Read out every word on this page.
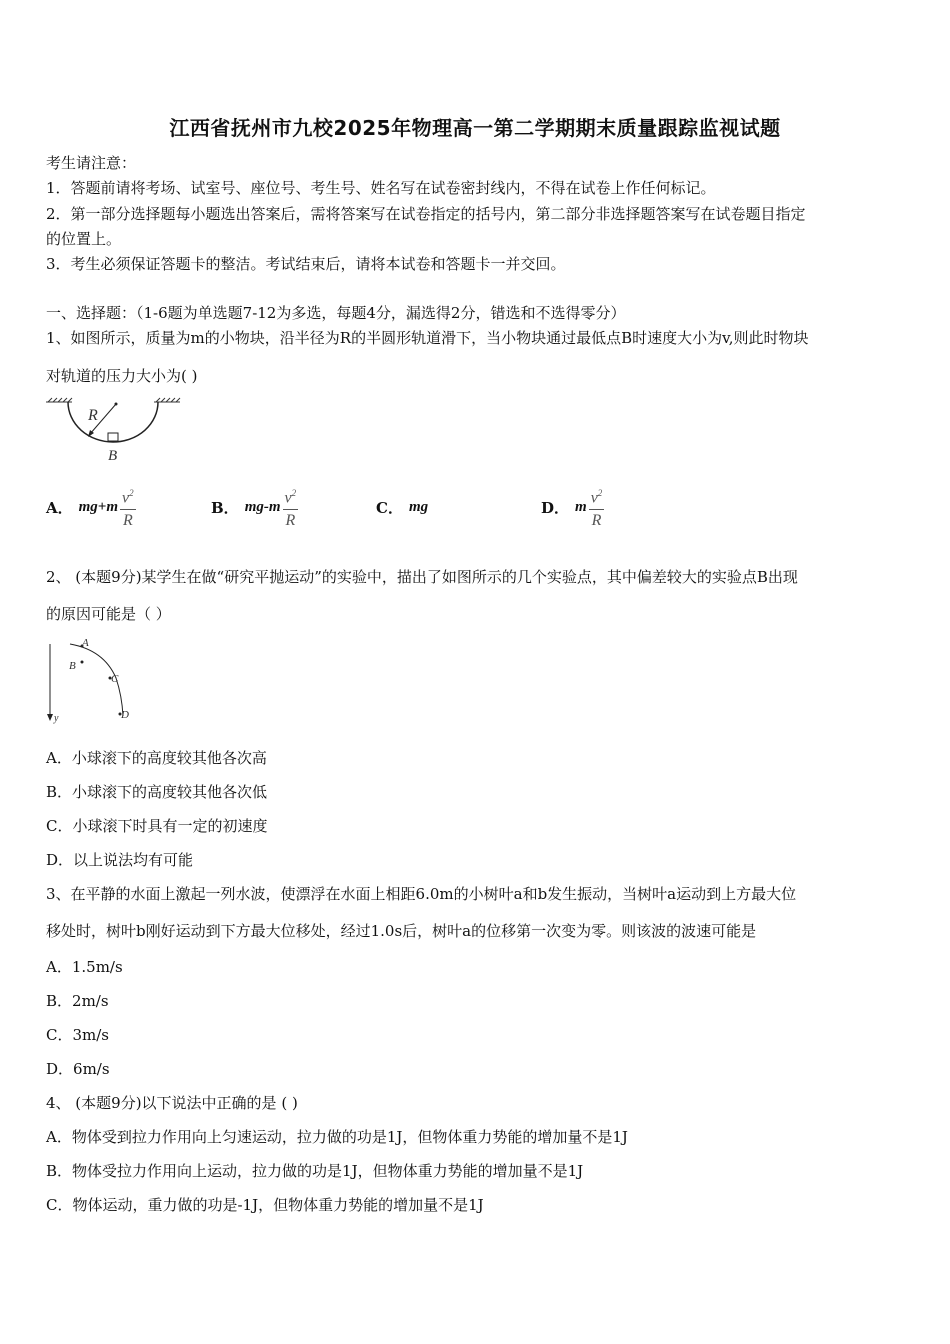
江西省抚州市九校2025年物理高一第二学期期末质量跟踪监视试题
考生请注意：
1．答题前请将考场、试室号、座位号、考生号、姓名写在试卷密封线内，不得在试卷上作任何标记。
2．第一部分选择题每小题选出答案后，需将答案写在试卷指定的括号内，第二部分非选择题答案写在试卷题目指定
的位置上。
3．考生必须保证答题卡的整洁。考试结束后，请将本试卷和答题卡一并交回。
一、选择题：（1-6题为单选题7-12为多选，每题4分，漏选得2分，错选和不选得零分）
1、如图所示，质量为m的小物块，沿半径为R的半圆形轨道滑下，当小物块通过最低点B时速度大小为v,则此时物块
对轨道的压力大小为( )
R
B
A． $mg+m \frac{v^2}{R}$	B． $mg-m \frac{v^2}{R}$	C． mg	D． m $\frac{v^2}{R}$
2、 (本题9分)某学生在做“研究平抛运动”的实验中，描出了如图所示的几个实验点，其中偏差较大的实验点B出现
的原因可能是（ ）
y
A
B
C
D
A．小球滚下的高度较其他各次高
B．小球滚下的高度较其他各次低
C．小球滚下时具有一定的初速度
D．以上说法均有可能
3、在平静的水面上激起一列水波，使漂浮在水面上相距6.0m的小树叶a和b发生振动，当树叶a运动到上方最大位
移处时，树叶b刚好运动到下方最大位移处，经过1.0s后，树叶a的位移第一次变为零。则该波的波速可能是
A．1.5m/s
B．2m/s
C．3m/s
D．6m/s
4、 (本题9分)以下说法中正确的是 ( )
A．物体受到拉力作用向上匀速运动，拉力做的功是1J，但物体重力势能的增加量不是1J
B．物体受拉力作用向上运动，拉力做的功是1J，但物体重力势能的增加量不是1J
C．物体运动，重力做的功是-1J，但物体重力势能的增加量不是1J
